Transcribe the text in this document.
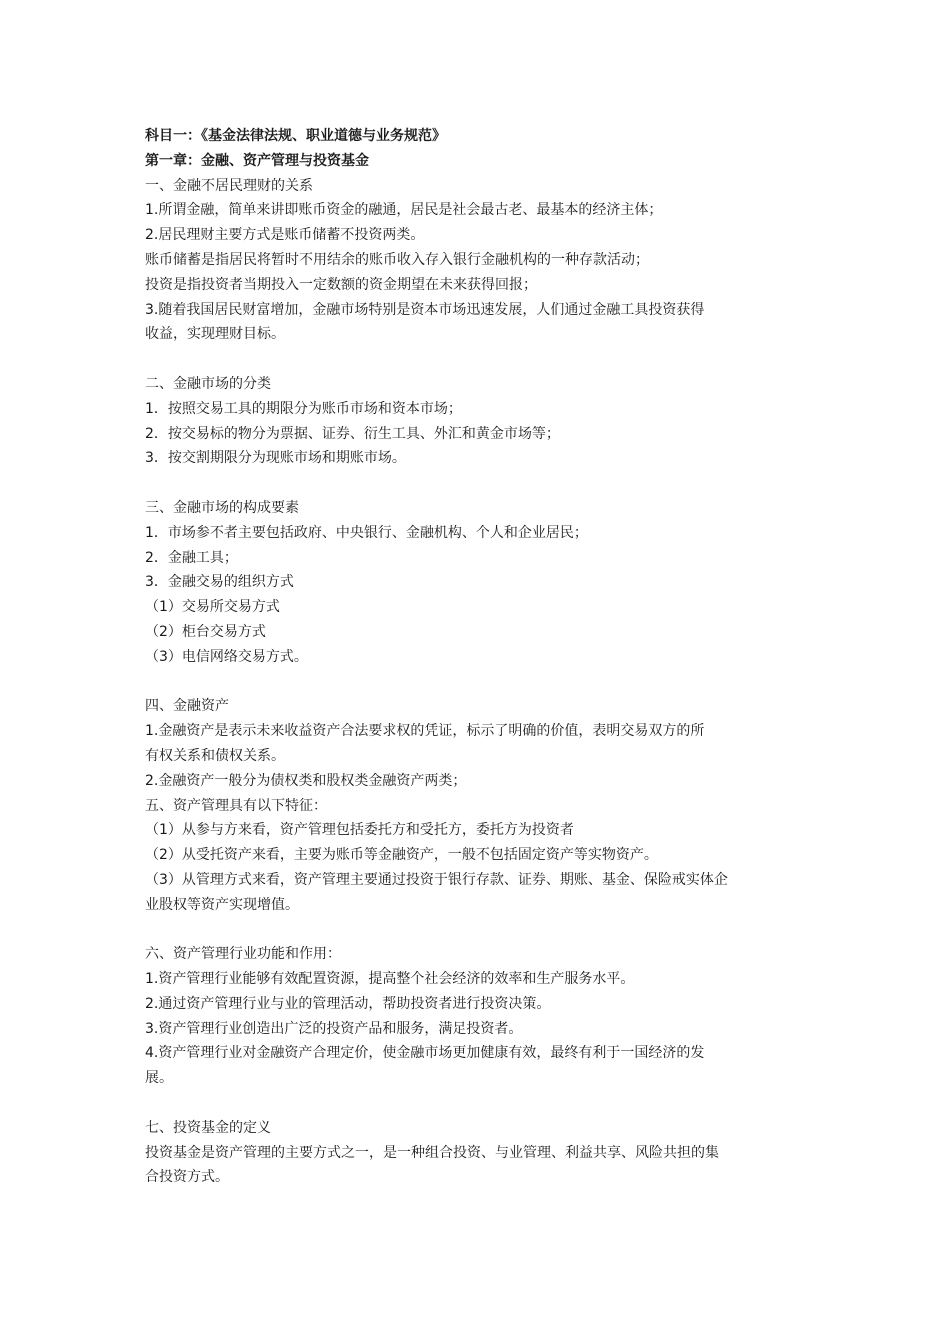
科目一：《基金法律法规、职业道德与业务规范》
第一章：金融、资产管理与投资基金
一、金融不居民理财的关系
1.所谓金融，简单来讲即账币资金的融通，居民是社会最古老、最基本的经济主体；
2.居民理财主要方式是账币储蓄不投资两类。
账币储蓄是指居民将暂时不用结余的账币收入存入银行金融机构的一种存款活动；
投资是指投资者当期投入一定数额的资金期望在未来获得回报；
3.随着我国居民财富增加，金融市场特别是资本市场迅速发展，人们通过金融工具投资获得
收益，实现理财目标。
二、金融市场的分类
1．按照交易工具的期限分为账币市场和资本市场；
2．按交易标的物分为票据、证券、衍生工具、外汇和黄金市场等；
3．按交割期限分为现账市场和期账市场。
三、金融市场的构成要素
1．市场参不者主要包括政府、中央银行、金融机构、个人和企业居民；
2．金融工具；
3．金融交易的组织方式
（1）交易所交易方式
（2）柜台交易方式
（3）电信网络交易方式。
四、金融资产
1.金融资产是表示未来收益资产合法要求权的凭证，标示了明确的价值，表明交易双方的所
有权关系和债权关系。
2.金融资产一般分为债权类和股权类金融资产两类；
五、资产管理具有以下特征：
（1）从参与方来看，资产管理包括委托方和受托方，委托方为投资者
（2）从受托资产来看，主要为账币等金融资产，一般不包括固定资产等实物资产。
（3）从管理方式来看，资产管理主要通过投资于银行存款、证券、期账、基金、保险戒实体企
业股权等资产实现增值。
六、资产管理行业功能和作用：
1.资产管理行业能够有效配置资源，提高整个社会经济的效率和生产服务水平。
2.通过资产管理行业与业的管理活动，帮助投资者进行投资决策。
3.资产管理行业创造出广泛的投资产品和服务，满足投资者。
4.资产管理行业对金融资产合理定价，使金融市场更加健康有效，最终有利于一国经济的发
展。
七、投资基金的定义
投资基金是资产管理的主要方式之一，是一种组合投资、与业管理、利益共享、风险共担的集
合投资方式。
